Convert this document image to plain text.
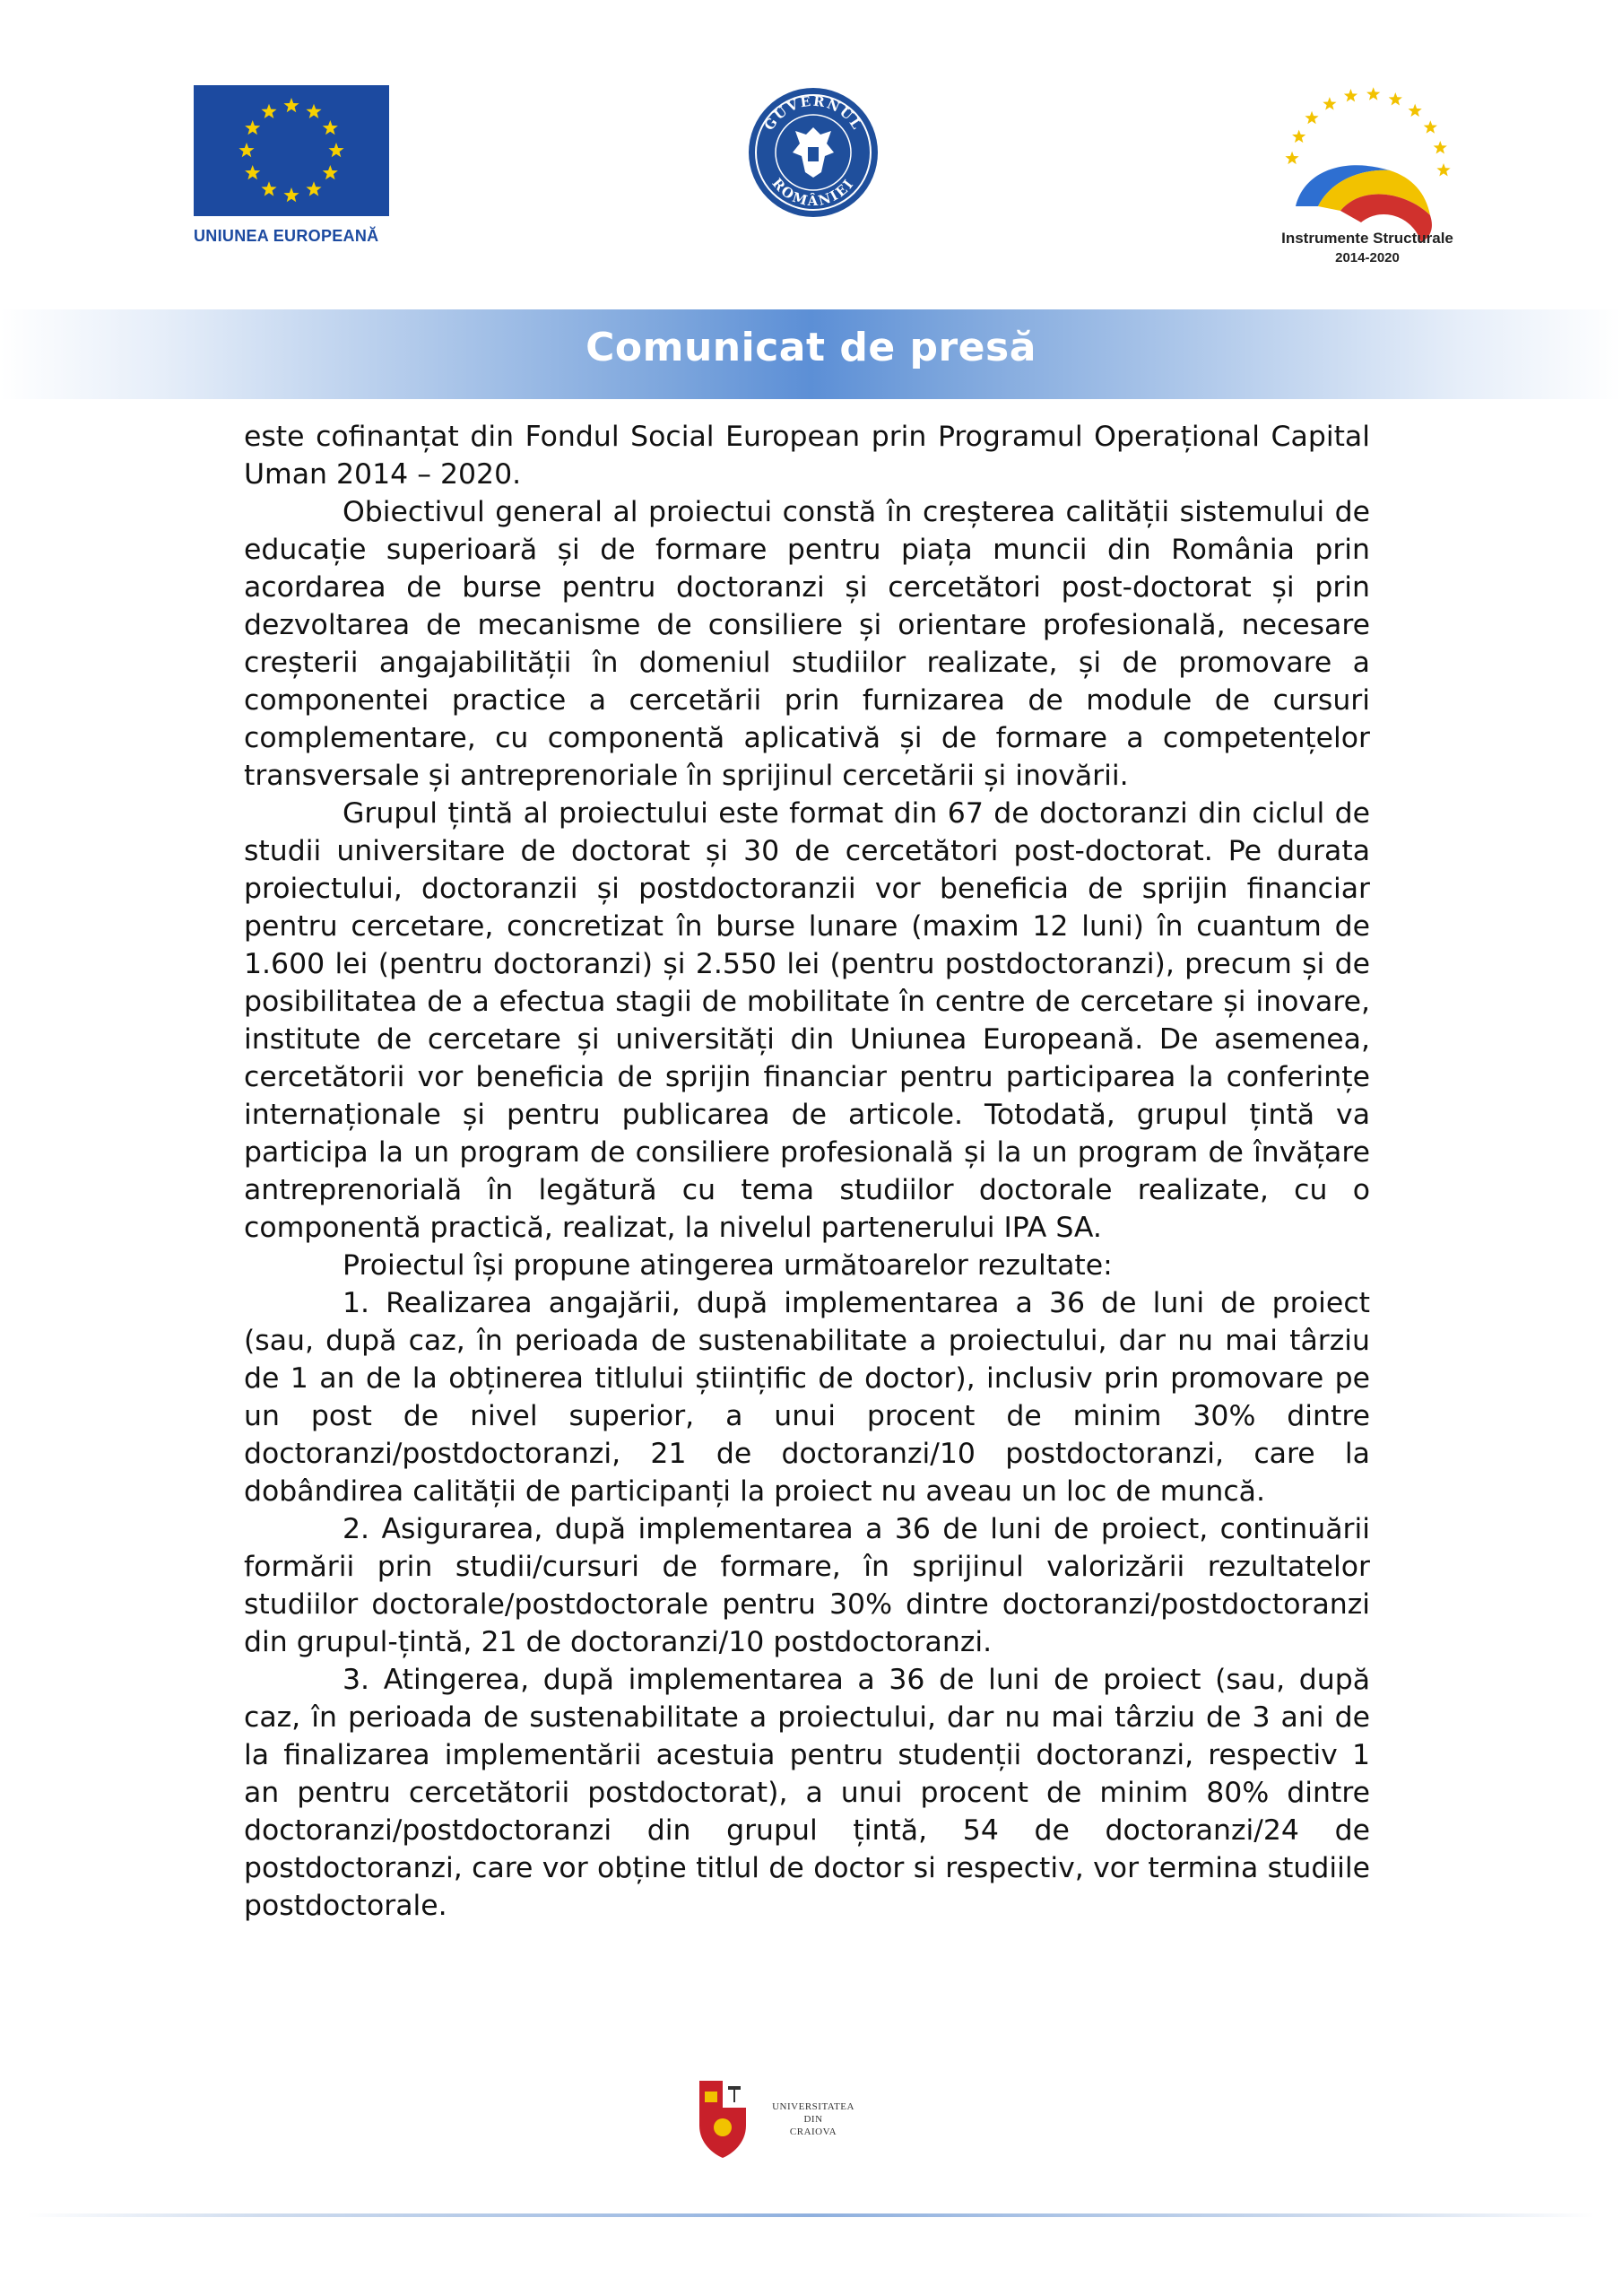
UNIUNEA EUROPEANĂ
GUVERNUL
ROMÂNIEI
Instrumente Structurale
2014-2020
Comunicat de presă

este cofinanțat din Fondul Social European prin Programul Operațional Capital Uman 2014 – 2020.

Obiectivul general al proiectui constă în creșterea calității sistemului de educație superioară și de formare pentru piața muncii din România prin acordarea de burse pentru doctoranzi și cercetători post-doctorat și prin dezvoltarea de mecanisme de consiliere și orientare profesională, necesare creșterii angajabilității în domeniul studiilor realizate, și de promovare a componentei practice a cercetării prin furnizarea de module de cursuri complementare, cu componentă aplicativă și de formare a competențelor transversale și antreprenoriale în sprijinul cercetării și inovării.

Grupul țintă al proiectului este format din 67 de doctoranzi din ciclul de studii universitare de doctorat și 30 de cercetători post-doctorat. Pe durata proiectului, doctoranzii și postdoctoranzii vor beneficia de sprijin financiar pentru cercetare, concretizat în burse lunare (maxim 12 luni) în cuantum de 1.600 lei (pentru doctoranzi) și 2.550 lei (pentru postdoctoranzi), precum și de posibilitatea de a efectua stagii de mobilitate în centre de cercetare și inovare, institute de cercetare și universități din Uniunea Europeană. De asemenea, cercetătorii vor beneficia de sprijin financiar pentru participarea la conferințe internaționale și pentru publicarea de articole. Totodată, grupul țintă va participa la un program de consiliere profesională și la un program de învățare antreprenorială în legătură cu tema studiilor doctorale realizate, cu o componentă practică, realizat, la nivelul partenerului IPA SA.

Proiectul își propune atingerea următoarelor rezultate:

1. Realizarea angajării, după implementarea a 36 de luni de proiect (sau, după caz, în perioada de sustenabilitate a proiectului, dar nu mai târziu de 1 an de la obținerea titlului științific de doctor), inclusiv prin promovare pe un post de nivel superior, a unui procent de minim 30% dintre doctoranzi/postdoctoranzi, 21 de doctoranzi/10 postdoctoranzi, care la dobândirea calității de participanți la proiect nu aveau un loc de muncă.

2. Asigurarea, după implementarea a 36 de luni de proiect, continuării formării prin studii/cursuri de formare, în sprijinul valorizării rezultatelor studiilor doctorale/postdoctorale pentru 30% dintre doctoranzi/postdoctoranzi din grupul-țintă, 21 de doctoranzi/10 postdoctoranzi.

3. Atingerea, după implementarea a 36 de luni de proiect (sau, după caz, în perioada de sustenabilitate a proiectului, dar nu mai târziu de 3 ani de la finalizarea implementării acestuia pentru studenții doctoranzi, respectiv 1 an pentru cercetătorii postdoctorat), a unui procent de minim 80% dintre doctoranzi/postdoctoranzi din grupul țintă, 54 de doctoranzi/24 de postdoctoranzi, care vor obține titlul de doctor si respectiv, vor termina studiile postdoctorale.

UNIVERSITATEA
DIN
CRAIOVA
